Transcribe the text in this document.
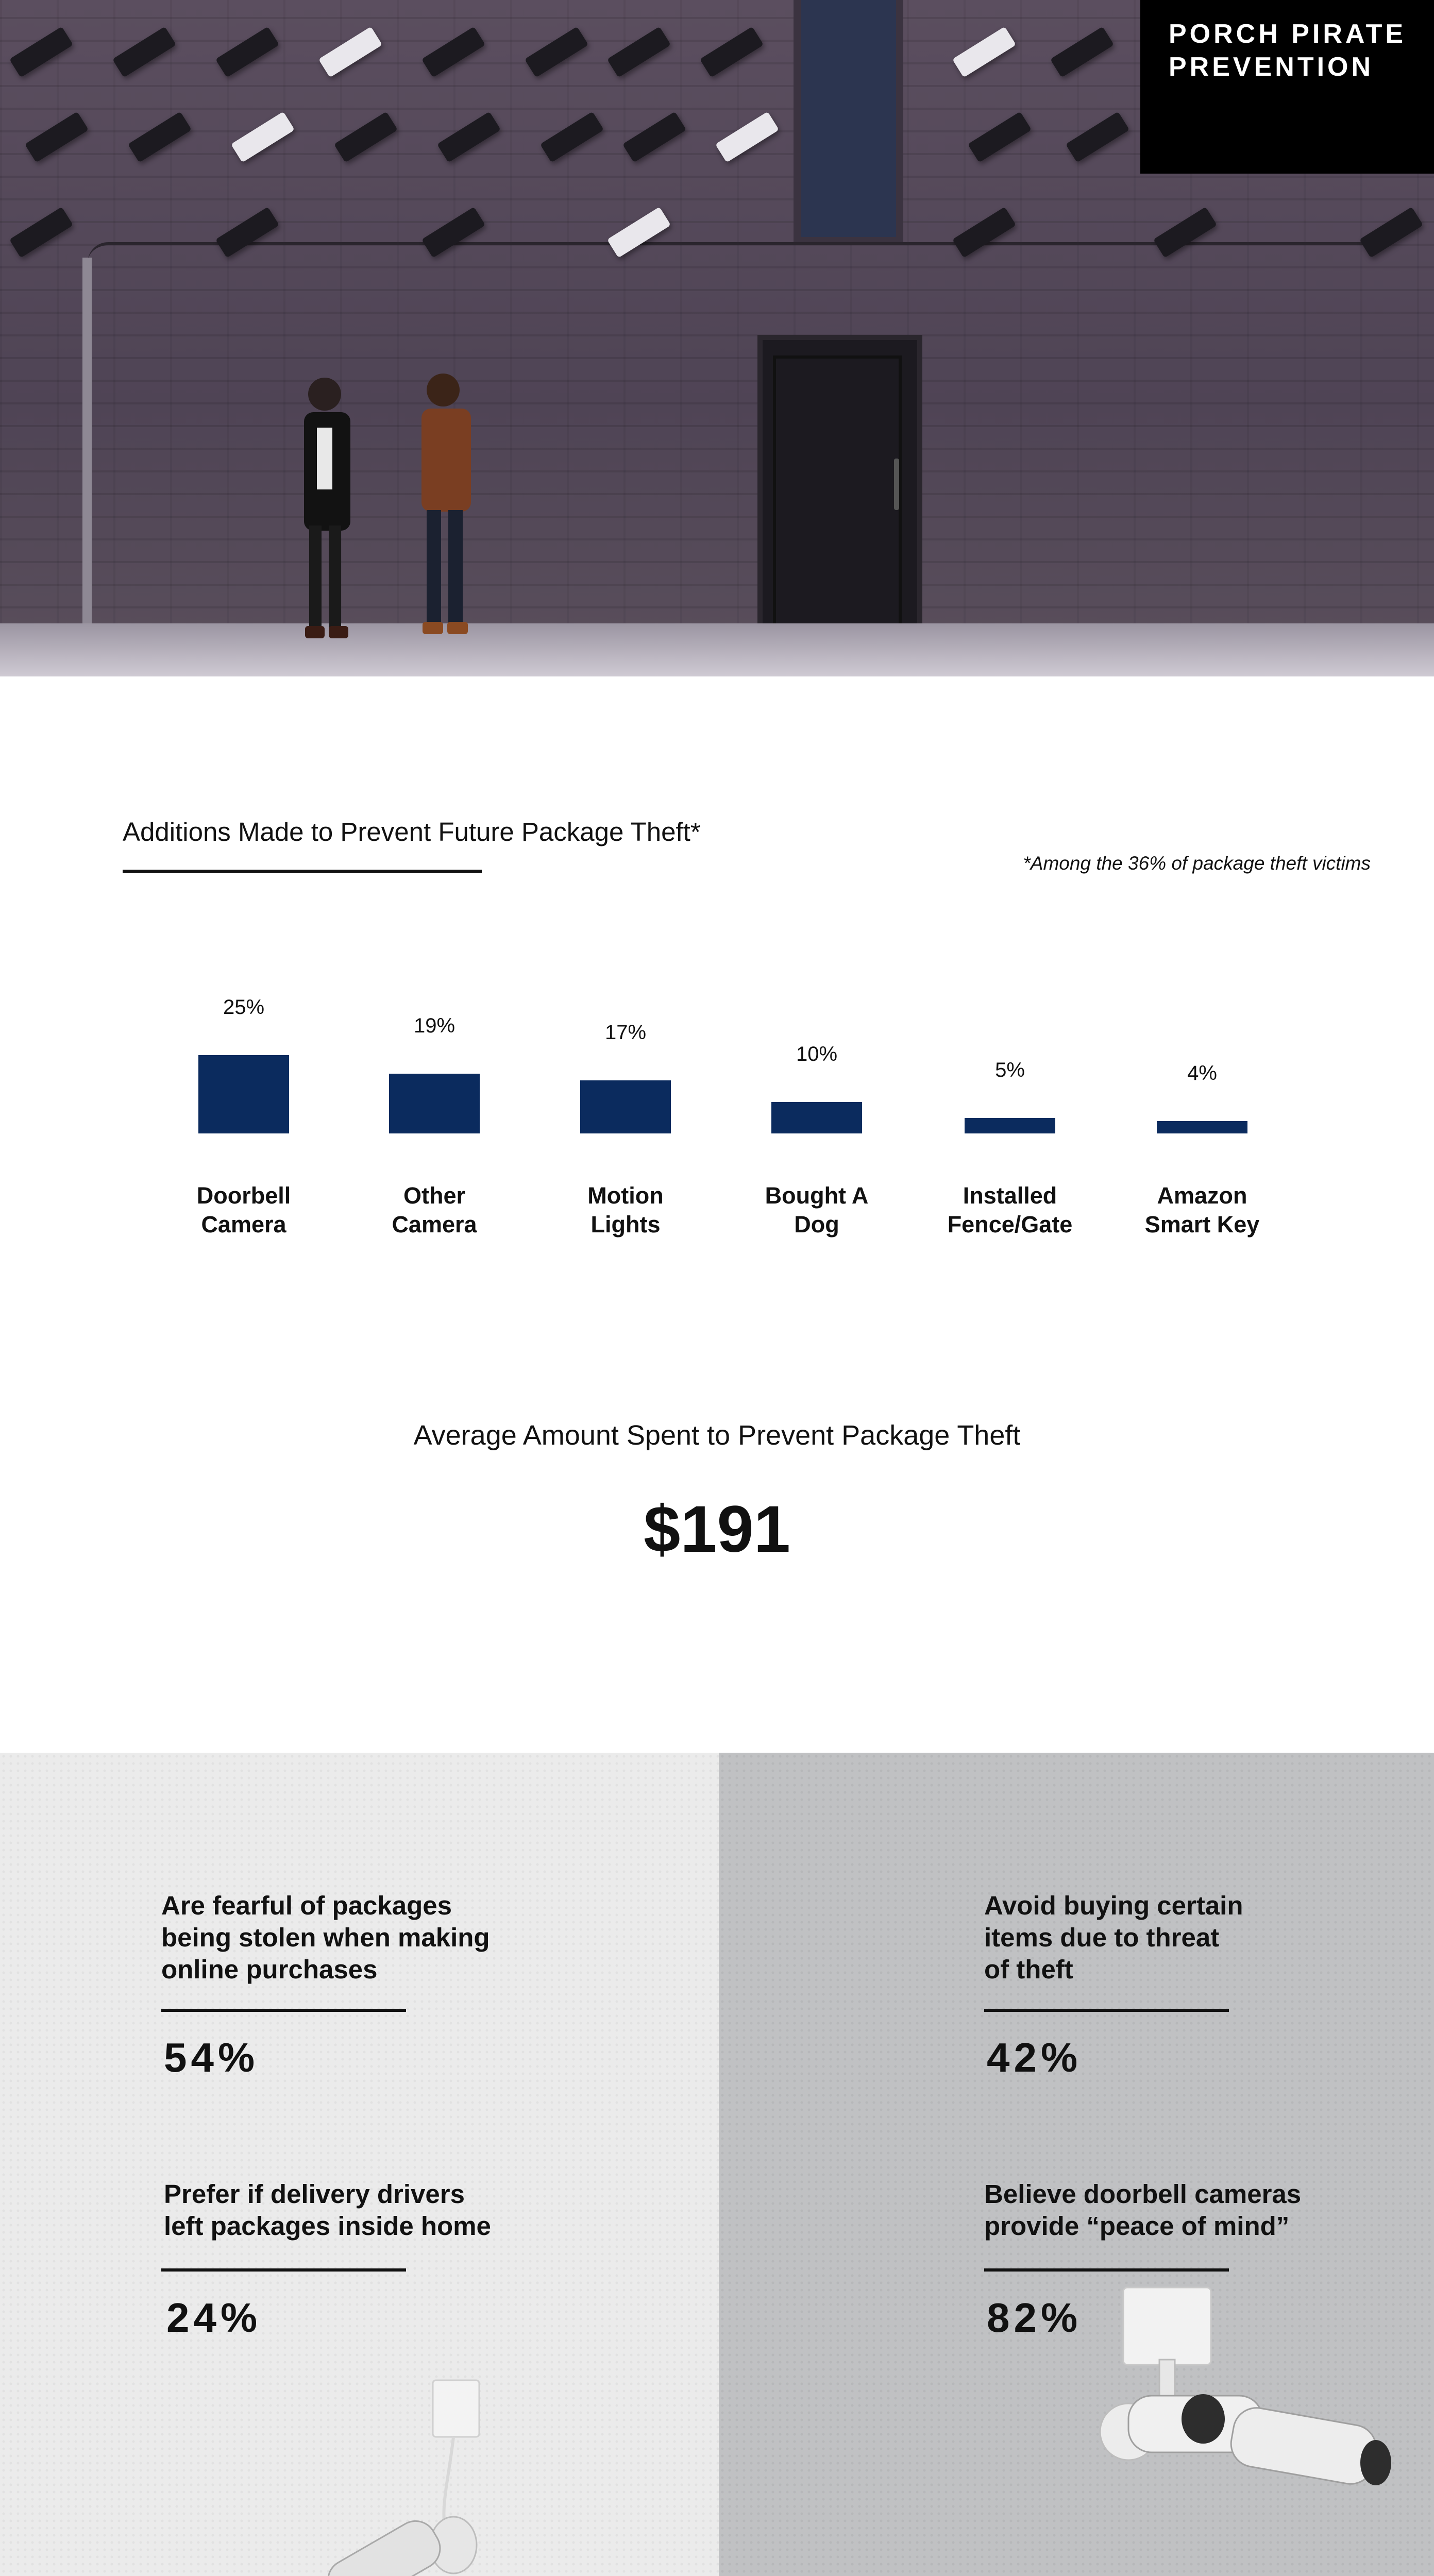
PORCH PIRATE
PREVENTION
Additions Made to Prevent Future Package Theft*
*Among the 36% of package theft victims
25%
Doorbell
Camera
19%
Other
Camera
17%
Motion
Lights
10%
Bought A
Dog
5%
Installed
Fence/Gate
4%
Amazon
Smart Key
Average Amount Spent to Prevent Package Theft
$191
Are fearful of packages
being stolen when making
online purchases
54%
Avoid buying certain
items due to threat
of theft
42%
Prefer if delivery drivers
left packages inside home
24%
Believe doorbell cameras
provide “peace of mind”
82%
